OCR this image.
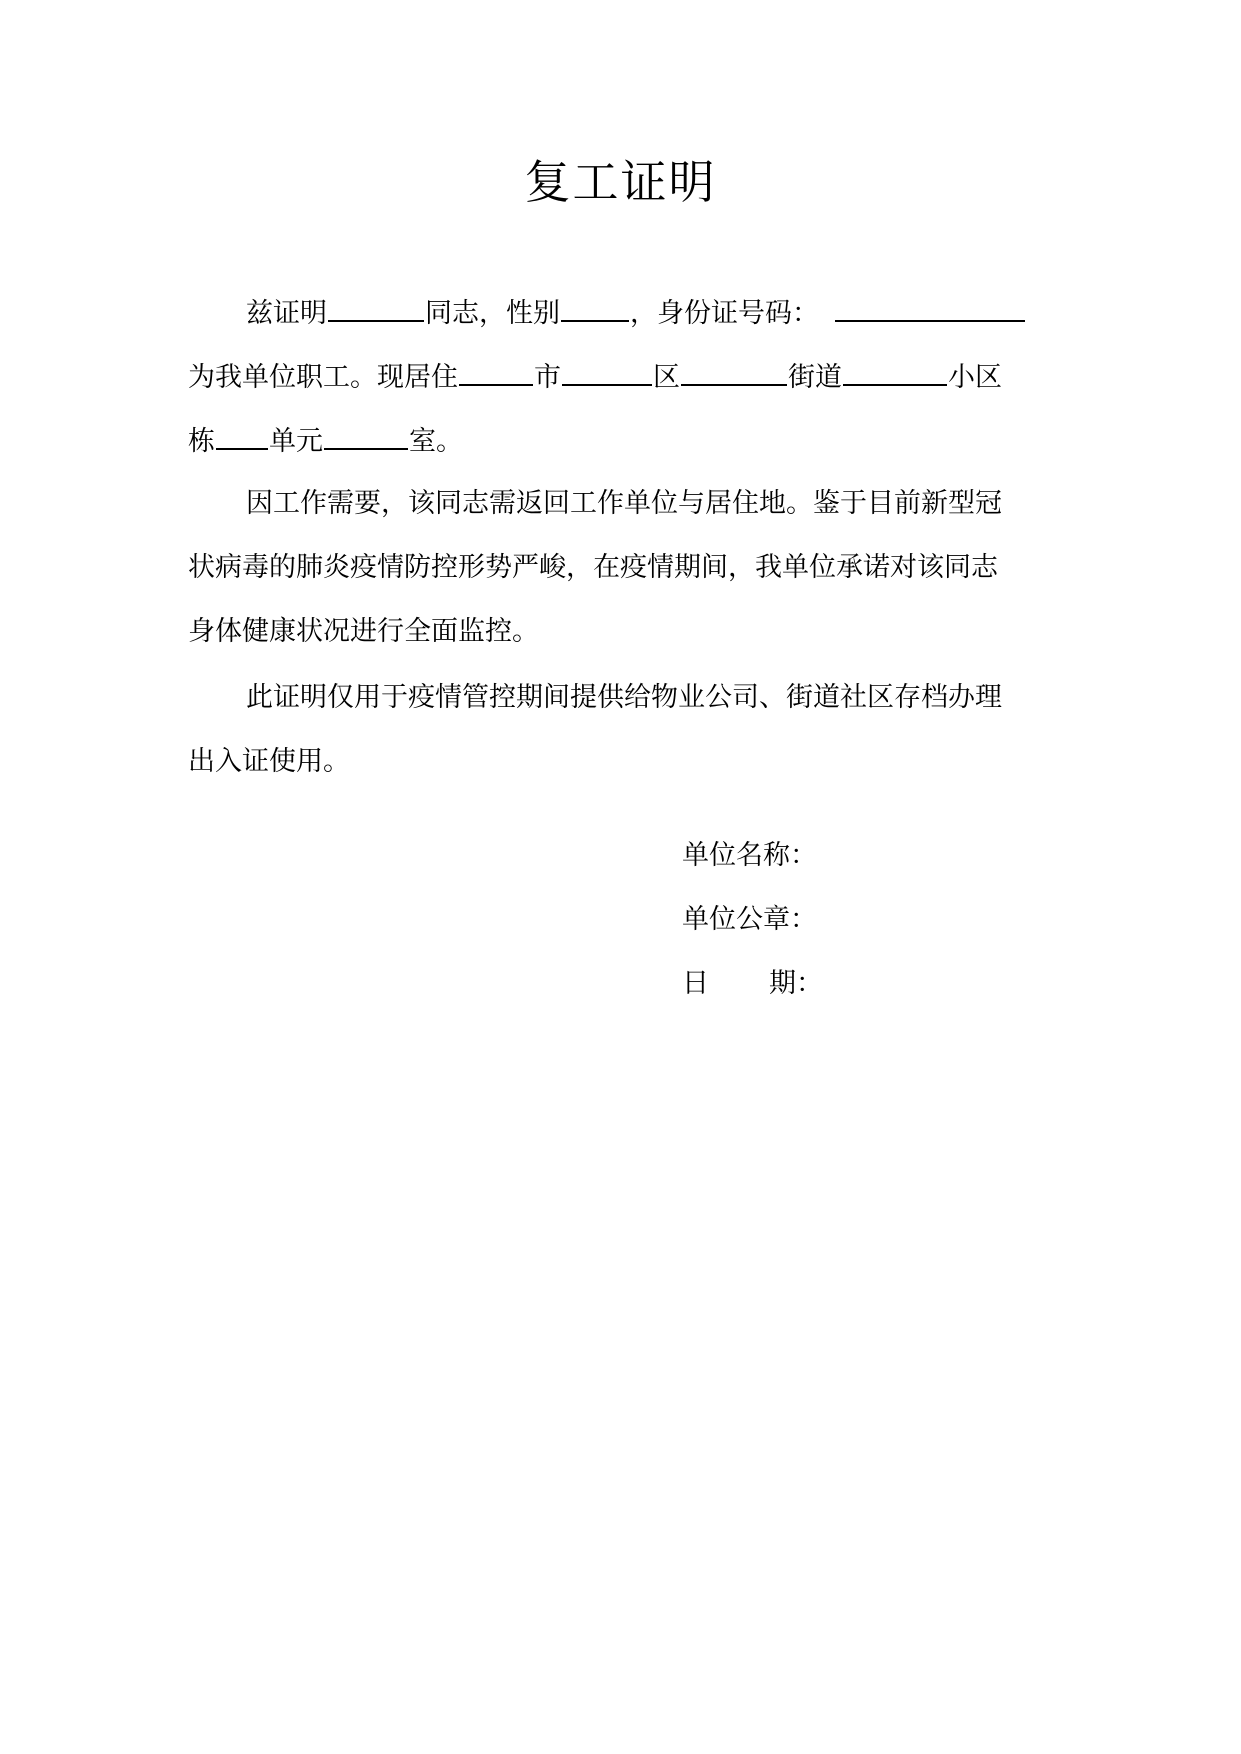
复工证明
兹证明	同志，性别	，身份证号码：
为我单位职工。现居住	市	区	街道	小区
栋 单元	室。
因工作需要，该同志需返回工作单位与居住地。鉴于目前新型冠
状病毒的肺炎疫情防控形势严峻，在疫情期间，我单位承诺对该同志
身体健康状况进行全面监控。
此证明仅用于疫情管控期间提供给物业公司、街道社区存档办理
出入证使用。
单位名称：
单位公章：
日 期：
